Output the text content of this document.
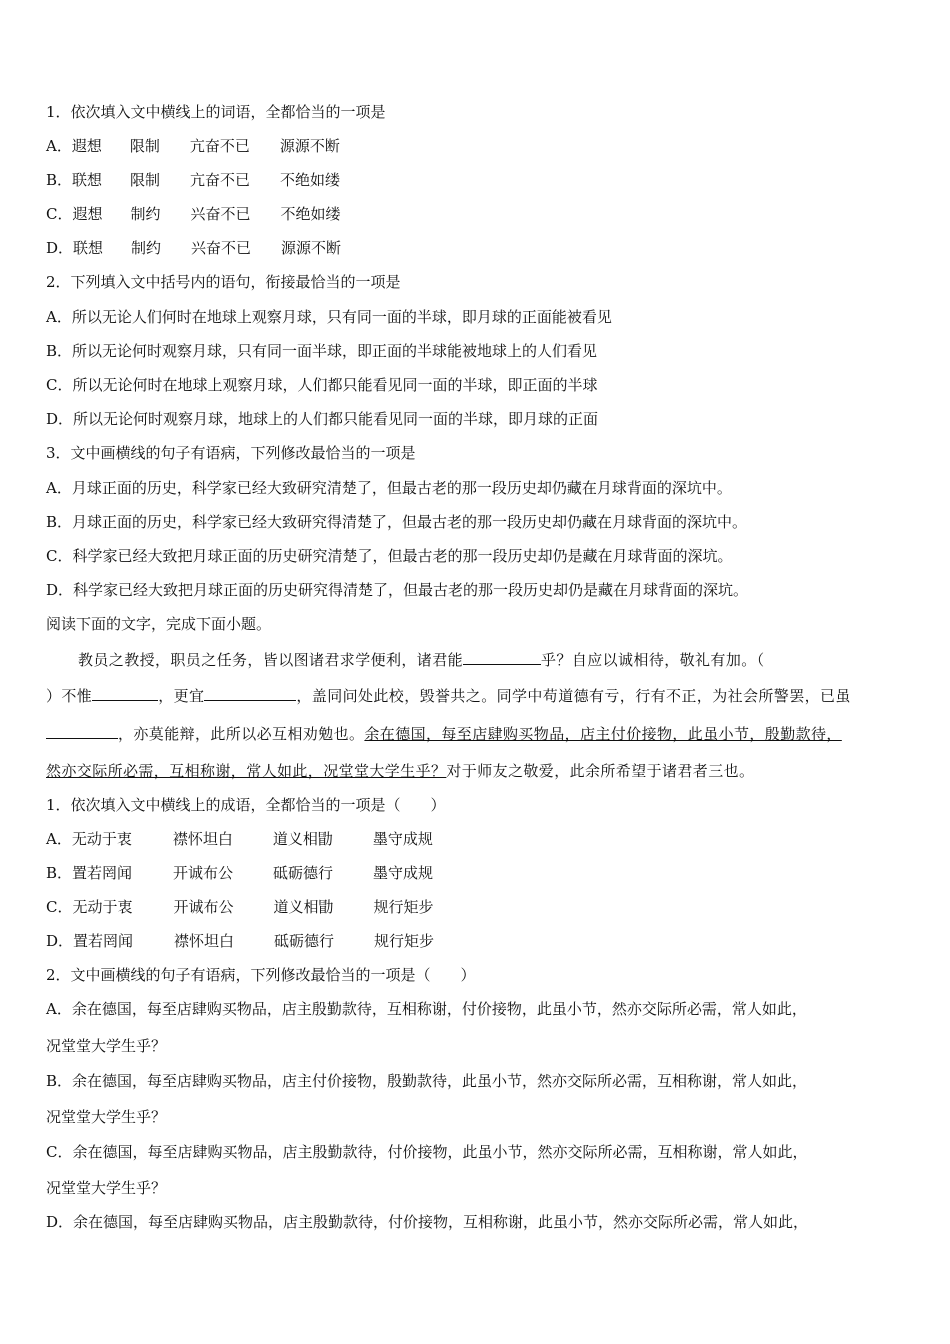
1．依次填入文中横线上的词语，全都恰当的一项是
A．遐想 限制 亢奋不已 源源不断
B．联想 限制 亢奋不已 不绝如缕
C．遐想 制约 兴奋不已 不绝如缕
D．联想 制约 兴奋不已 源源不断
2．下列填入文中括号内的语句，衔接最恰当的一项是
A．所以无论人们何时在地球上观察月球，只有同一面的半球，即月球的正面能被看见
B．所以无论何时观察月球，只有同一面半球，即正面的半球能被地球上的人们看见
C．所以无论何时在地球上观察月球，人们都只能看见同一面的半球，即正面的半球
D．所以无论何时观察月球，地球上的人们都只能看见同一面的半球，即月球的正面
3．文中画横线的句子有语病，下列修改最恰当的一项是
A．月球正面的历史，科学家已经大致研究清楚了，但最古老的那一段历史却仍藏在月球背面的深坑中。
B．月球正面的历史，科学家已经大致研究得清楚了，但最古老的那一段历史却仍藏在月球背面的深坑中。
C．科学家已经大致把月球正面的历史研究清楚了，但最古老的那一段历史却仍是藏在月球背面的深坑。
D．科学家已经大致把月球正面的历史研究得清楚了，但最古老的那一段历史却仍是藏在月球背面的深坑。
阅读下面的文字，完成下面小题。
教员之教授，职员之任务，皆以图诸君求学便利，诸君能	乎？自应以诚相待，敬礼有加。（
）不惟	，更宜	，盖同问处此校，毁誉共之。同学中苟道德有亏，行有不正，为社会所警罢，已虽
，亦莫能辩，此所以必互相劝勉也。余在德国，每至店肆购买物品，店主付价接物，此虽小节，殷勤款待，
然亦交际所必需，互相称谢，常人如此，况堂堂大学生乎？对于师友之敬爱，此余所希望于诸君者三也。
1．依次填入文中横线上的成语，全都恰当的一项是（　　）
A．无动于衷	襟怀坦白	道义相勖	墨守成规
B．置若罔闻	开诚布公	砥砺德行	墨守成规
C．无动于衷	开诚布公	道义相勖	规行矩步
D．置若罔闻	襟怀坦白	砥砺德行	规行矩步
2．文中画横线的句子有语病，下列修改最恰当的一项是（　　）
A．余在德国，每至店肆购买物品，店主殷勤款待，互相称谢，付价接物，此虽小节，然亦交际所必需，常人如此，
况堂堂大学生乎？
B．余在德国，每至店肆购买物品，店主付价接物，殷勤款待，此虽小节，然亦交际所必需，互相称谢，常人如此，
况堂堂大学生乎？
C．余在德国，每至店肆购买物品，店主殷勤款待，付价接物，此虽小节，然亦交际所必需，互相称谢，常人如此，
况堂堂大学生乎？
D．余在德国，每至店肆购买物品，店主殷勤款待，付价接物，互相称谢，此虽小节，然亦交际所必需，常人如此，
